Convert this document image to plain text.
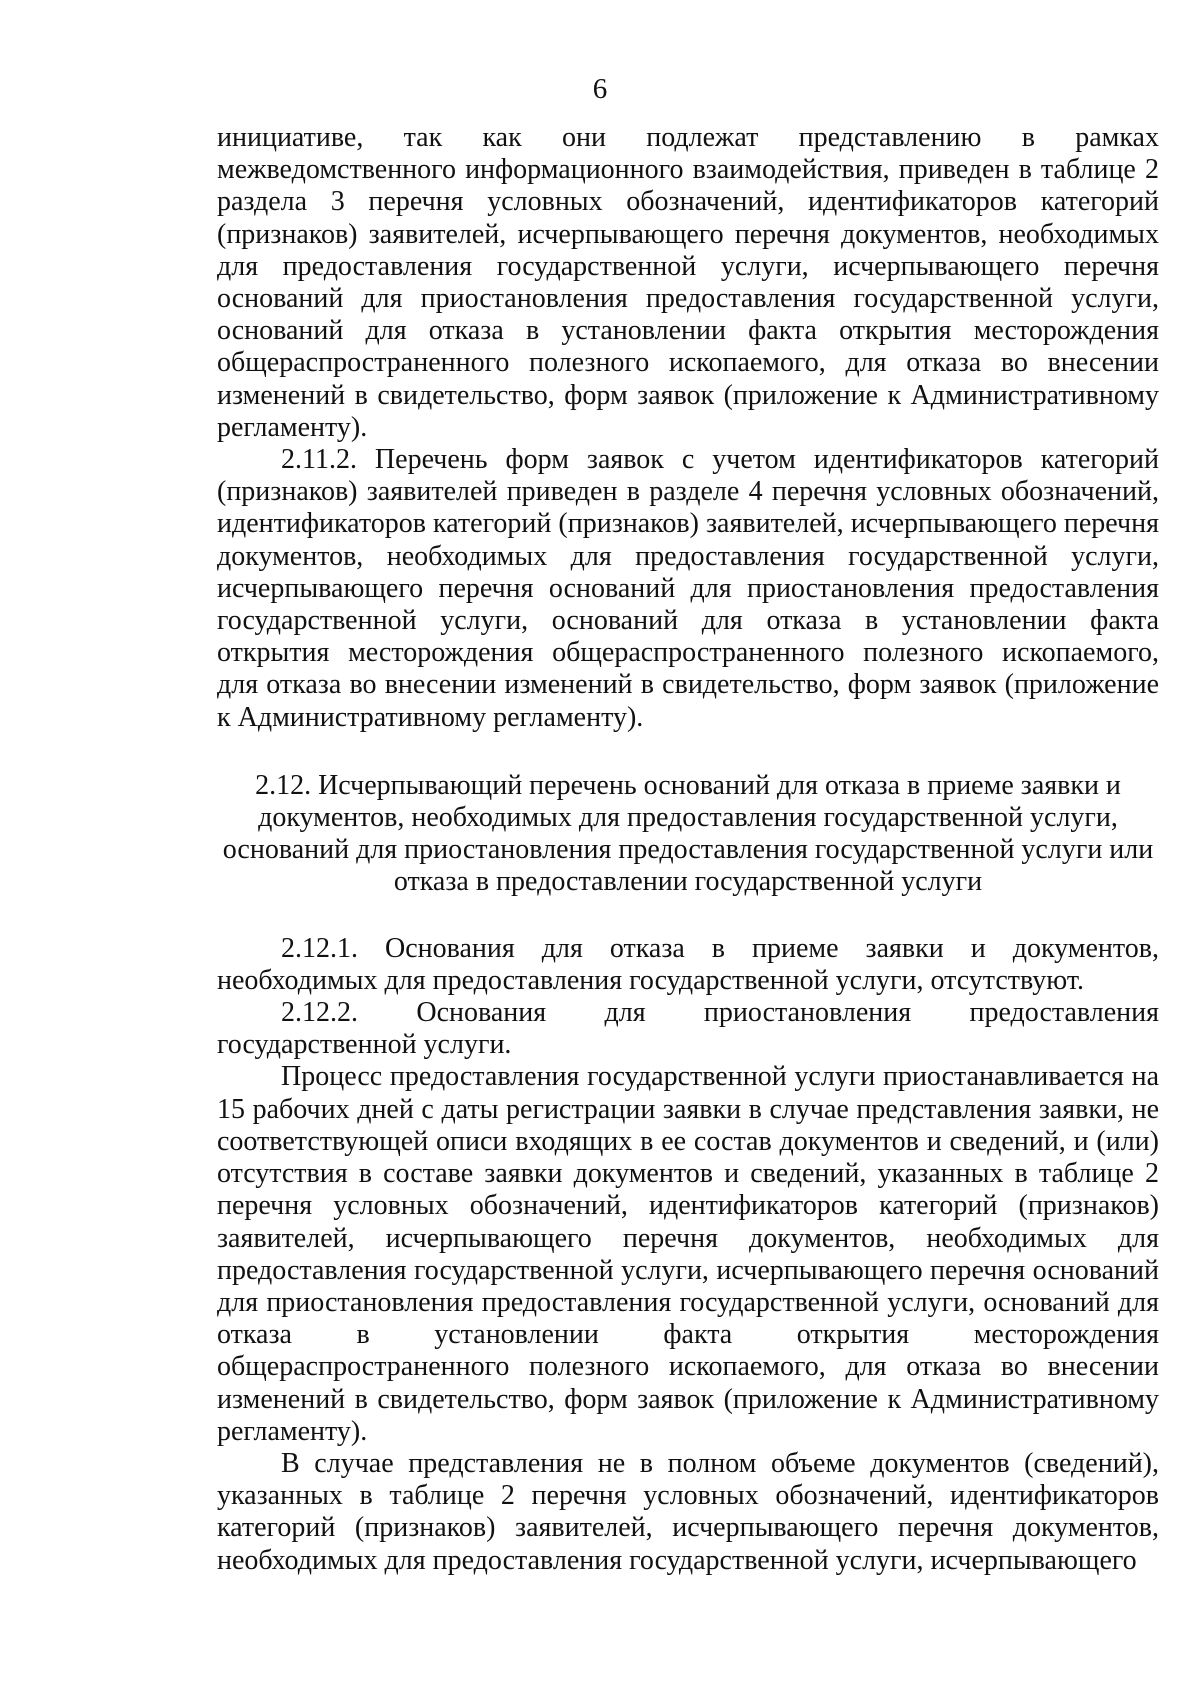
6

инициативе, так как они подлежат представлению в рамках межведомственного информационного взаимодействия, приведен в таблице 2 раздела 3 перечня условных обозначений, идентификаторов категорий (признаков) заявителей, исчерпывающего перечня документов, необходимых для предоставления государственной услуги, исчерпывающего перечня оснований для приостановления предоставления государственной услуги, оснований для отказа в установлении факта открытия месторождения общераспространенного полезного ископаемого, для отказа во внесении изменений в свидетельство, форм заявок (приложение к Административному регламенту).

2.11.2. Перечень форм заявок с учетом идентификаторов категорий (признаков) заявителей приведен в разделе 4 перечня условных обозначений, идентификаторов категорий (признаков) заявителей, исчерпывающего перечня документов, необходимых для предоставления государственной услуги, исчерпывающего перечня оснований для приостановления предоставления государственной услуги, оснований для отказа в установлении факта открытия месторождения общераспространенного полезного ископаемого, для отказа во внесении изменений в свидетельство, форм заявок (приложение к Административному регламенту).

2.12. Исчерпывающий перечень оснований для отказа в приеме заявки и
документов, необходимых для предоставления государственной услуги,
оснований для приостановления предоставления государственной услуги или
отказа в предоставлении государственной услуги

2.12.1. Основания для отказа в приеме заявки и документов, необходимых для предоставления государственной услуги, отсутствуют.

2.12.2. Основания для приостановления предоставления государственной услуги.

Процесс предоставления государственной услуги приостанавливается на 15 рабочих дней с даты регистрации заявки в случае представления заявки, не соответствующей описи входящих в ее состав документов и сведений, и (или) отсутствия в составе заявки документов и сведений, указанных в таблице 2 перечня условных обозначений, идентификаторов категорий (признаков) заявителей, исчерпывающего перечня документов, необходимых для предоставления государственной услуги, исчерпывающего перечня оснований для приостановления предоставления государственной услуги, оснований для отказа в установлении факта открытия месторождения общераспространенного полезного ископаемого, для отказа во внесении изменений в свидетельство, форм заявок (приложение к Административному регламенту).

В случае представления не в полном объеме документов (сведений), указанных в таблице 2 перечня условных обозначений, идентификаторов категорий (признаков) заявителей, исчерпывающего перечня документов, необходимых для предоставления государственной услуги, исчерпывающего
